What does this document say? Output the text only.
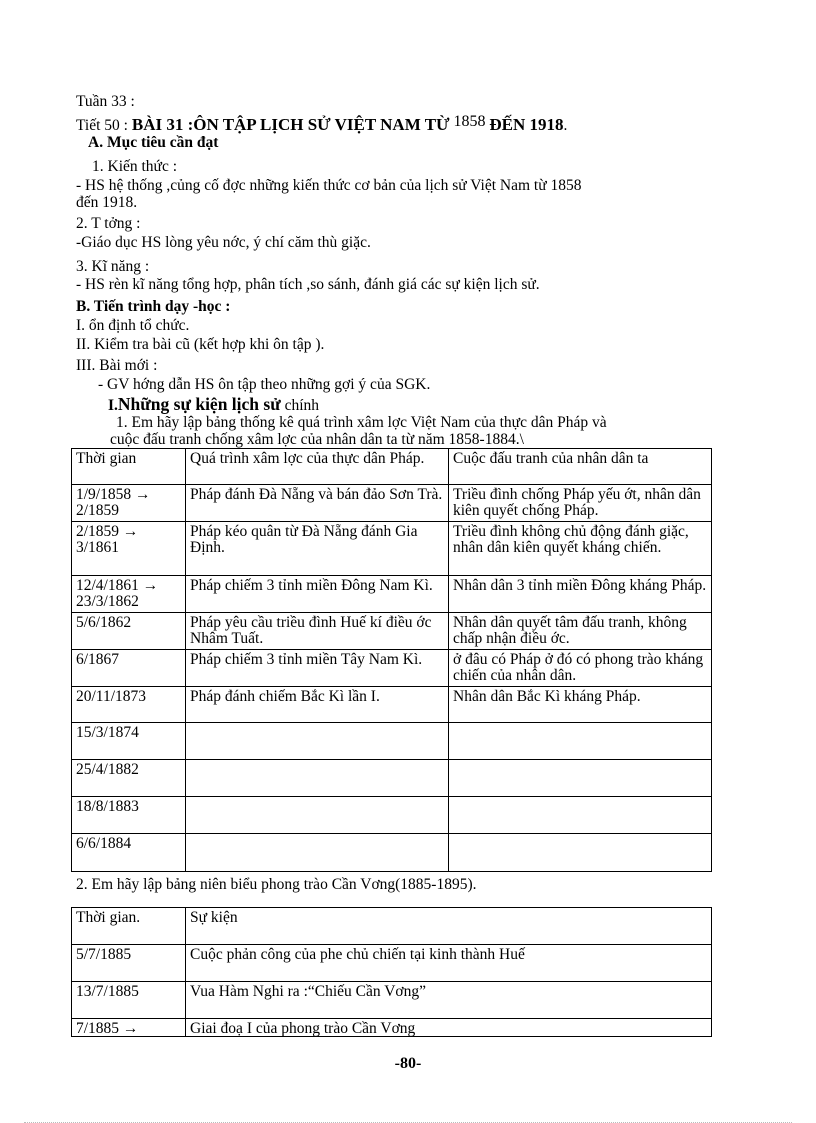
Tuần 33 :
Tiết 50 : BÀI 31 :ÔN TẬP LỊCH SỬ VIỆT NAM TỪ 1858 ĐẾN 1918.
A. Mục tiêu cần đạt
1. Kiến thức :
- HS hệ thống ,củng cố đợc những kiến thức cơ bản của lịch sử Việt Nam từ 1858
đến 1918.
2. T tởng :
-Giáo dục HS lòng yêu nớc, ý chí căm thù giặc.
3. Kĩ năng :
- HS rèn kĩ năng tổng hợp, phân tích ,so sánh, đánh giá các sự kiện lịch sử.
B. Tiến trình dạy -học :
I. ổn định tổ chức.
II. Kiểm tra bài cũ (kết hợp khi ôn tập ).
III. Bài mới :
- GV hớng dẫn HS ôn tập theo những gợi ý của SGK.
I.Những sự kiện lịch sử chính
1. Em hãy lập bảng thống kê quá trình xâm lợc Việt Nam của thực dân Pháp và
cuộc đấu tranh chống xâm lợc của nhân dân ta từ năm 1858-1884.\
Thời gian	Quá trình xâm lợc của thực dân Pháp.	Cuộc đấu tranh của nhân dân ta
1/9/1858 → 2/1859	Pháp đánh Đà Nẵng và bán đảo Sơn Trà.	Triều đình chống Pháp yếu ớt, nhân dân kiên quyết chống Pháp.
2/1859 → 3/1861	Pháp kéo quân từ Đà Nẵng đánh Gia Định.	Triều đình không chủ động đánh giặc, nhân dân kiên quyết kháng chiến.
12/4/1861 → 23/3/1862	Pháp chiếm 3 tỉnh miền Đông Nam Kì.	Nhân dân 3 tỉnh miền Đông kháng Pháp.
5/6/1862	Pháp yêu cầu triều đình Huế kí điều ớc Nhâm Tuất.	Nhân dân quyết tâm đấu tranh, không chấp nhận điều ớc.
6/1867	Pháp chiếm 3 tỉnh miền Tây Nam Kì.	ở đâu có Pháp ở đó có phong trào kháng chiến của nhân dân.
20/11/1873	Pháp đánh chiếm Bắc Kì lần I.	Nhân dân Bắc Kì kháng Pháp.
15/3/1874		
25/4/1882		
18/8/1883		
6/6/1884		
2. Em hãy lập bảng niên biểu phong trào Cần Vơng(1885-1895).
Thời gian.	Sự kiện
5/7/1885	Cuộc phản công của phe chủ chiến tại kinh thành Huế
13/7/1885	Vua Hàm Nghi ra :“Chiếu Cần Vơng”
7/1885 →	Giai đoạ I của phong trào Cần Vơng
-80-
